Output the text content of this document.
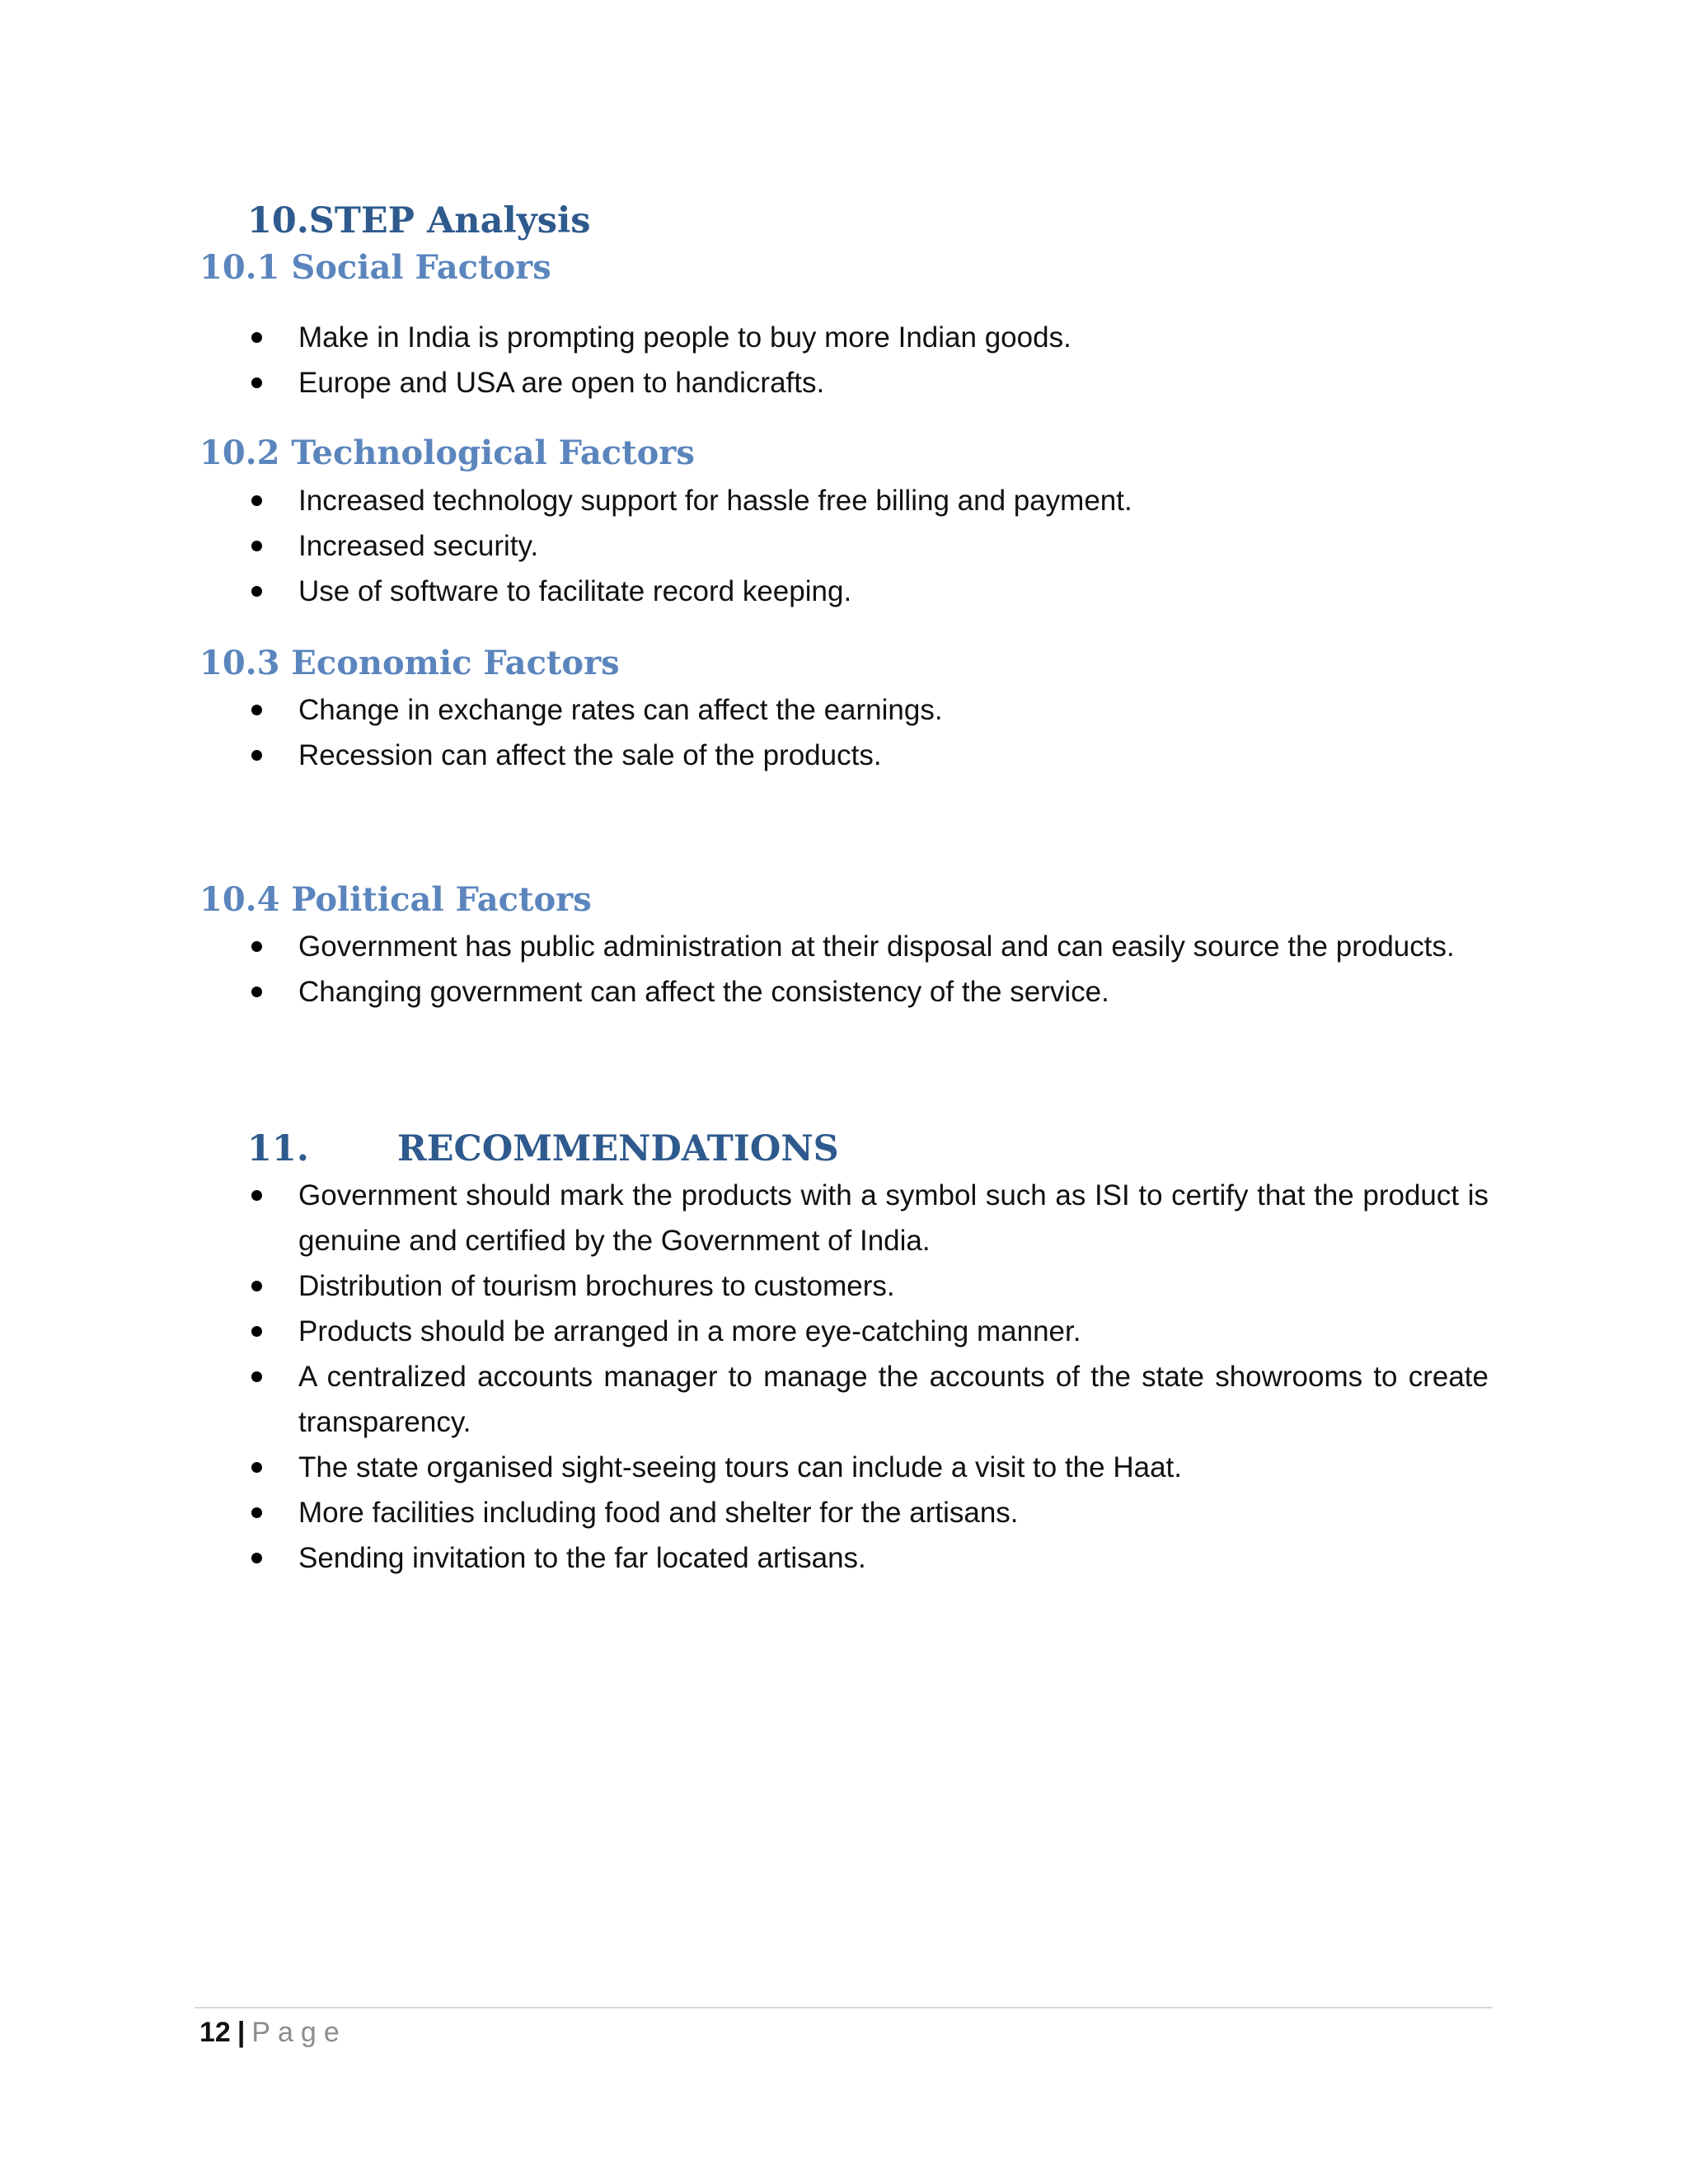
10.STEP Analysis
10.1 Social Factors
Make in India is prompting people to buy more Indian goods.
Europe and USA are open to handicrafts.
10.2 Technological Factors
Increased technology support for hassle free billing and payment.
Increased security.
Use of software to facilitate record keeping.
10.3 Economic Factors
Change in exchange rates can affect the earnings.
Recession can affect the sale of the products.
10.4 Political Factors
Government has public administration at their disposal and can easily source the products.
Changing government can affect the consistency of the service.
11. RECOMMENDATIONS
Government should mark the products with a symbol such as ISI to certify that the product is genuine and certified by the Government of India.
Distribution of tourism brochures to customers.
Products should be arranged in a more eye-catching manner.
A centralized accounts manager to manage the accounts of the state showrooms to create transparency.
The state organised sight-seeing tours can include a visit to the Haat.
More facilities including food and shelter for the artisans.
Sending invitation to the far located artisans.
12 | Page
